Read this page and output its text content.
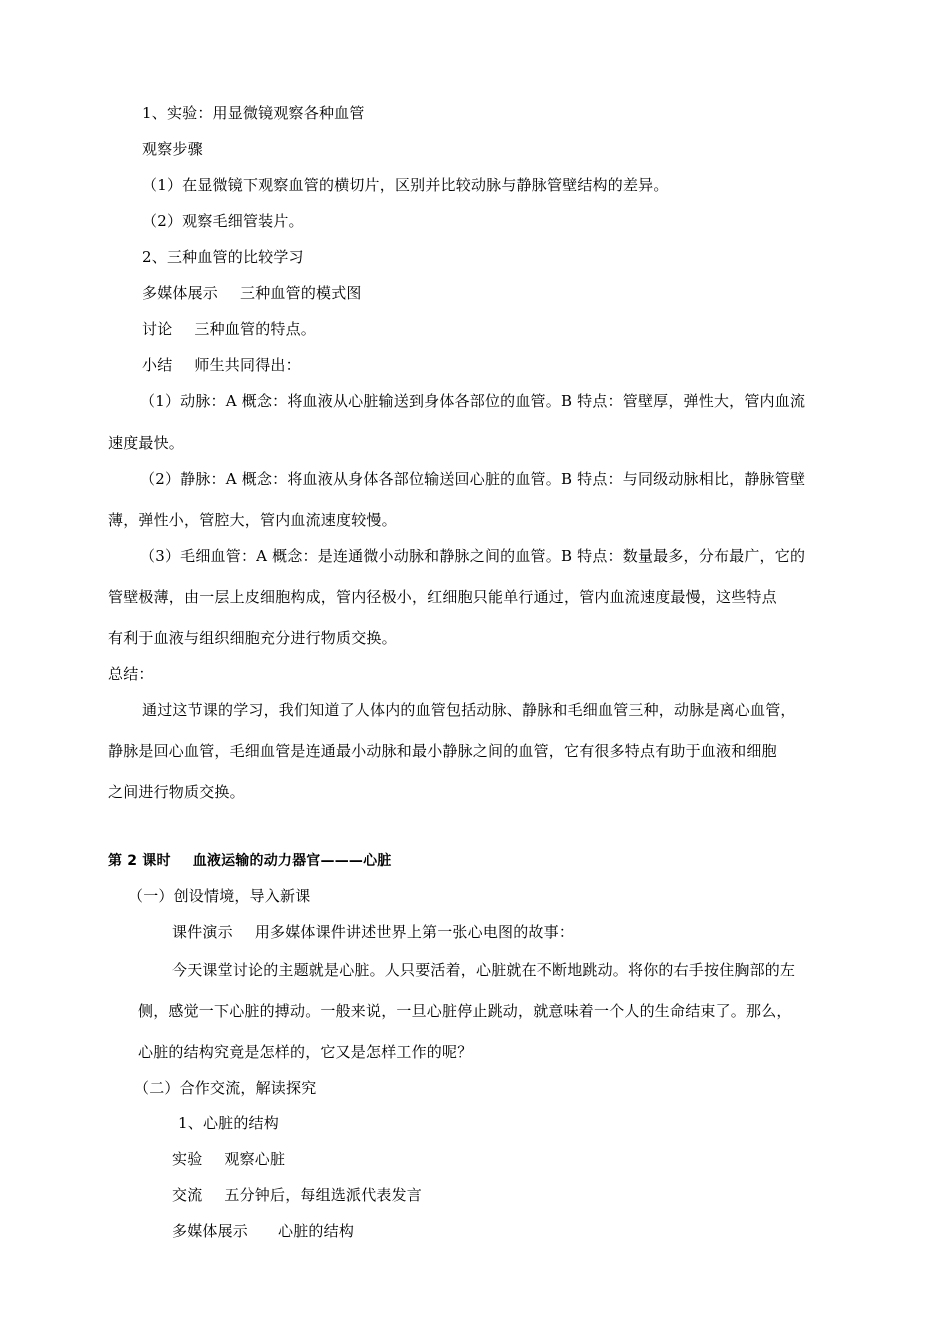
1、实验：用显微镜观察各种血管
观察步骤
（1）在显微镜下观察血管的横切片，区别并比较动脉与静脉管壁结构的差异。
（2）观察毛细管装片。
2、三种血管的比较学习
多媒体展示 三种血管的模式图
讨论 三种血管的特点。
小结 师生共同得出：
（1）动脉：A 概念：将血液从心脏输送到身体各部位的血管。B 特点：管壁厚，弹性大，管内血流
速度最快。
（2）静脉：A 概念：将血液从身体各部位输送回心脏的血管。B 特点：与同级动脉相比，静脉管壁
薄，弹性小，管腔大，管内血流速度较慢。
（3）毛细血管：A 概念：是连通微小动脉和静脉之间的血管。B 特点：数量最多，分布最广，它的
管壁极薄，由一层上皮细胞构成，管内径极小，红细胞只能单行通过，管内血流速度最慢，这些特点
有利于血液与组织细胞充分进行物质交换。
总结：
通过这节课的学习，我们知道了人体内的血管包括动脉、静脉和毛细血管三种，动脉是离心血管，
静脉是回心血管，毛细血管是连通最小动脉和最小静脉之间的血管，它有很多特点有助于血液和细胞
之间进行物质交换。
第 2 课时 血液运输的动力器官———心脏
（一）创设情境，导入新课
课件演示 用多媒体课件讲述世界上第一张心电图的故事：
今天课堂讨论的主题就是心脏。人只要活着，心脏就在不断地跳动。将你的右手按住胸部的左
侧，感觉一下心脏的搏动。一般来说，一旦心脏停止跳动，就意味着一个人的生命结束了。那么，
心脏的结构究竟是怎样的，它又是怎样工作的呢？
（二）合作交流，解读探究
1、心脏的结构
实验 观察心脏
交流 五分钟后，每组选派代表发言
多媒体展示 心脏的结构
